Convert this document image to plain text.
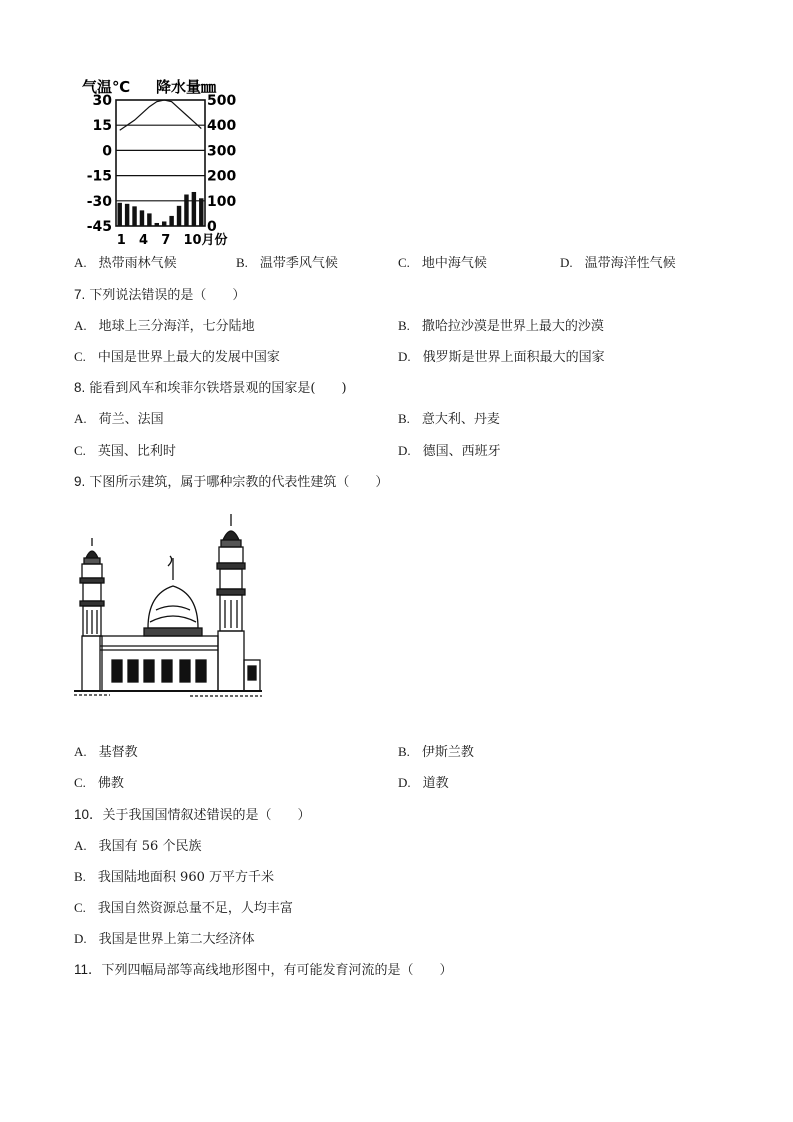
气温℃ 降水量㎜
30
15
0
-15
-30
-45
500
400
300
200
100
0
1 4 7 10月份
A. 热带雨林气候	B. 温带季风气候	C. 地中海气候	D. 温带海洋性气候
7. 下列说法错误的是（　　）
A. 地球上三分海洋，七分陆地	B. 撒哈拉沙漠是世界上最大的沙漠
C. 中国是世界上最大的发展中国家	D. 俄罗斯是世界上面积最大的国家
8. 能看到风车和埃菲尔铁塔景观的国家是(　　)
A. 荷兰、法国	B. 意大利、丹麦
C. 英国、比利时	D. 德国、西班牙
9. 下图所示建筑，属于哪种宗教的代表性建筑（　　）
A. 基督教	B. 伊斯兰教
C. 佛教	D. 道教
10．关于我国国情叙述错误的是（　　）
A. 我国有 56 个民族
B. 我国陆地面积 960 万平方千米
C. 我国自然资源总量不足，人均丰富
D. 我国是世界上第二大经济体
11．下列四幅局部等高线地形图中，有可能发育河流的是（　　）
